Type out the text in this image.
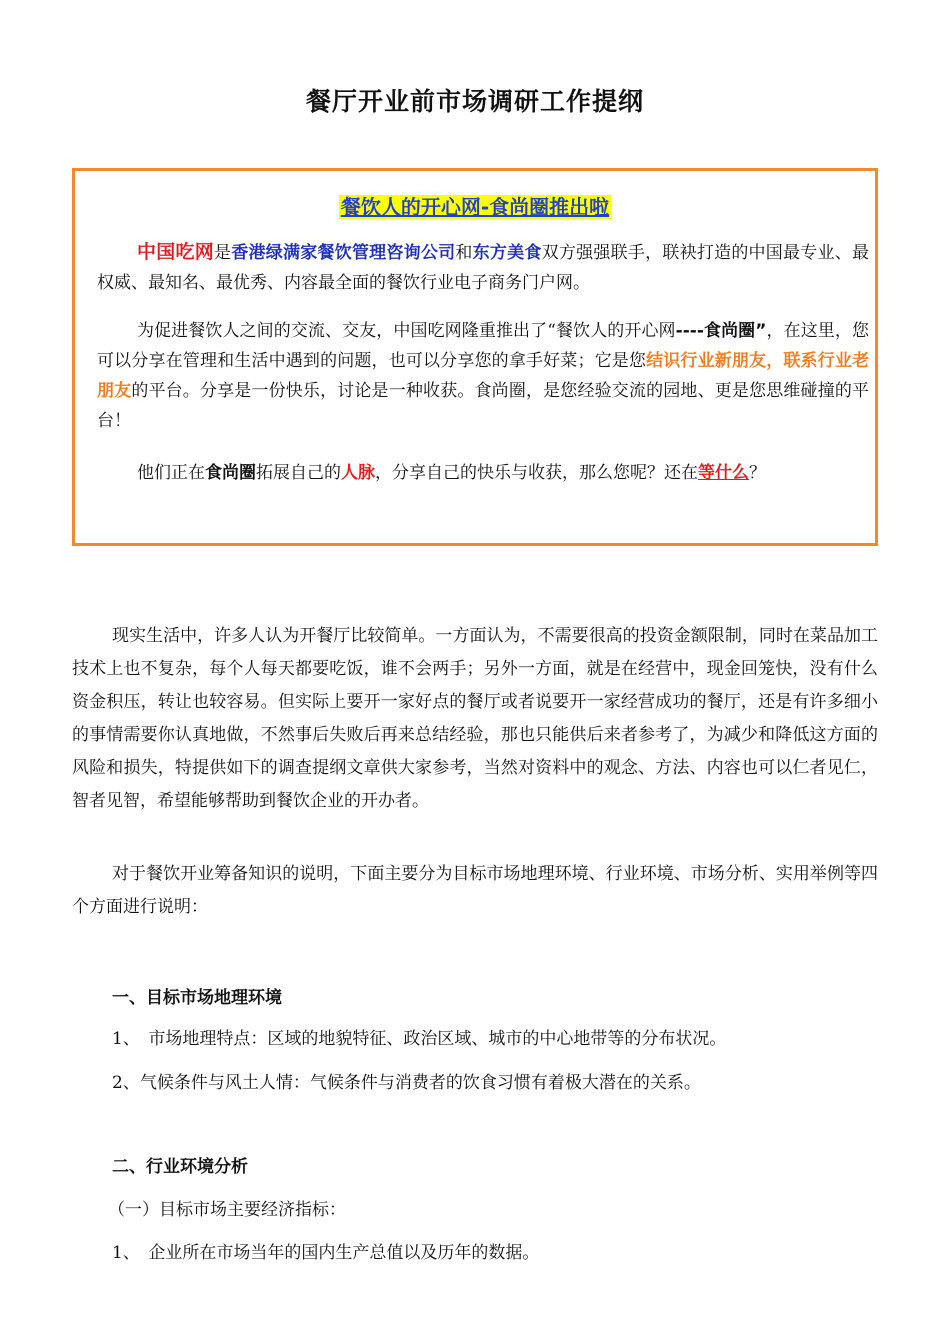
餐厅开业前市场调研工作提纲
餐饮人的开心网-食尚圈推出啦

中国吃网是香港绿满家餐饮管理咨询公司和东方美食双方强强联手，联袂打造的中国最专业、最权威、最知名、最优秀、内容最全面的餐饮行业电子商务门户网。

为促进餐饮人之间的交流、交友，中国吃网隆重推出了“餐饮人的开心网----食尚圈”，在这里，您可以分享在管理和生活中遇到的问题，也可以分享您的拿手好菜；它是您结识行业新朋友，联系行业老朋友的平台。分享是一份快乐，讨论是一种收获。食尚圈，是您经验交流的园地、更是您思维碰撞的平台！

他们正在食尚圈拓展自己的人脉，分享自己的快乐与收获，那么您呢？还在等什么？

现实生活中，许多人认为开餐厅比较简单。一方面认为，不需要很高的投资金额限制，同时在菜品加工技术上也不复杂，每个人每天都要吃饭，谁不会两手；另外一方面，就是在经营中，现金回笼快，没有什么资金积压，转让也较容易。但实际上要开一家好点的餐厅或者说要开一家经营成功的餐厅，还是有许多细小的事情需要你认真地做，不然事后失败后再来总结经验，那也只能供后来者参考了，为减少和降低这方面的风险和损失，特提供如下的调查提纲文章供大家参考，当然对资料中的观念、方法、内容也可以仁者见仁，智者见智，希望能够帮助到餐饮企业的开办者。

对于餐饮开业筹备知识的说明，下面主要分为目标市场地理环境、行业环境、市场分析、实用举例等四个方面进行说明：

一、目标市场地理环境

1、　市场地理特点：区域的地貌特征、政治区域、城市的中心地带等的分布状况。

2、气候条件与风土人情：气候条件与消费者的饮食习惯有着极大潜在的关系。

二、行业环境分析

（一）目标市场主要经济指标：

1、　企业所在市场当年的国内生产总值以及历年的数据。
